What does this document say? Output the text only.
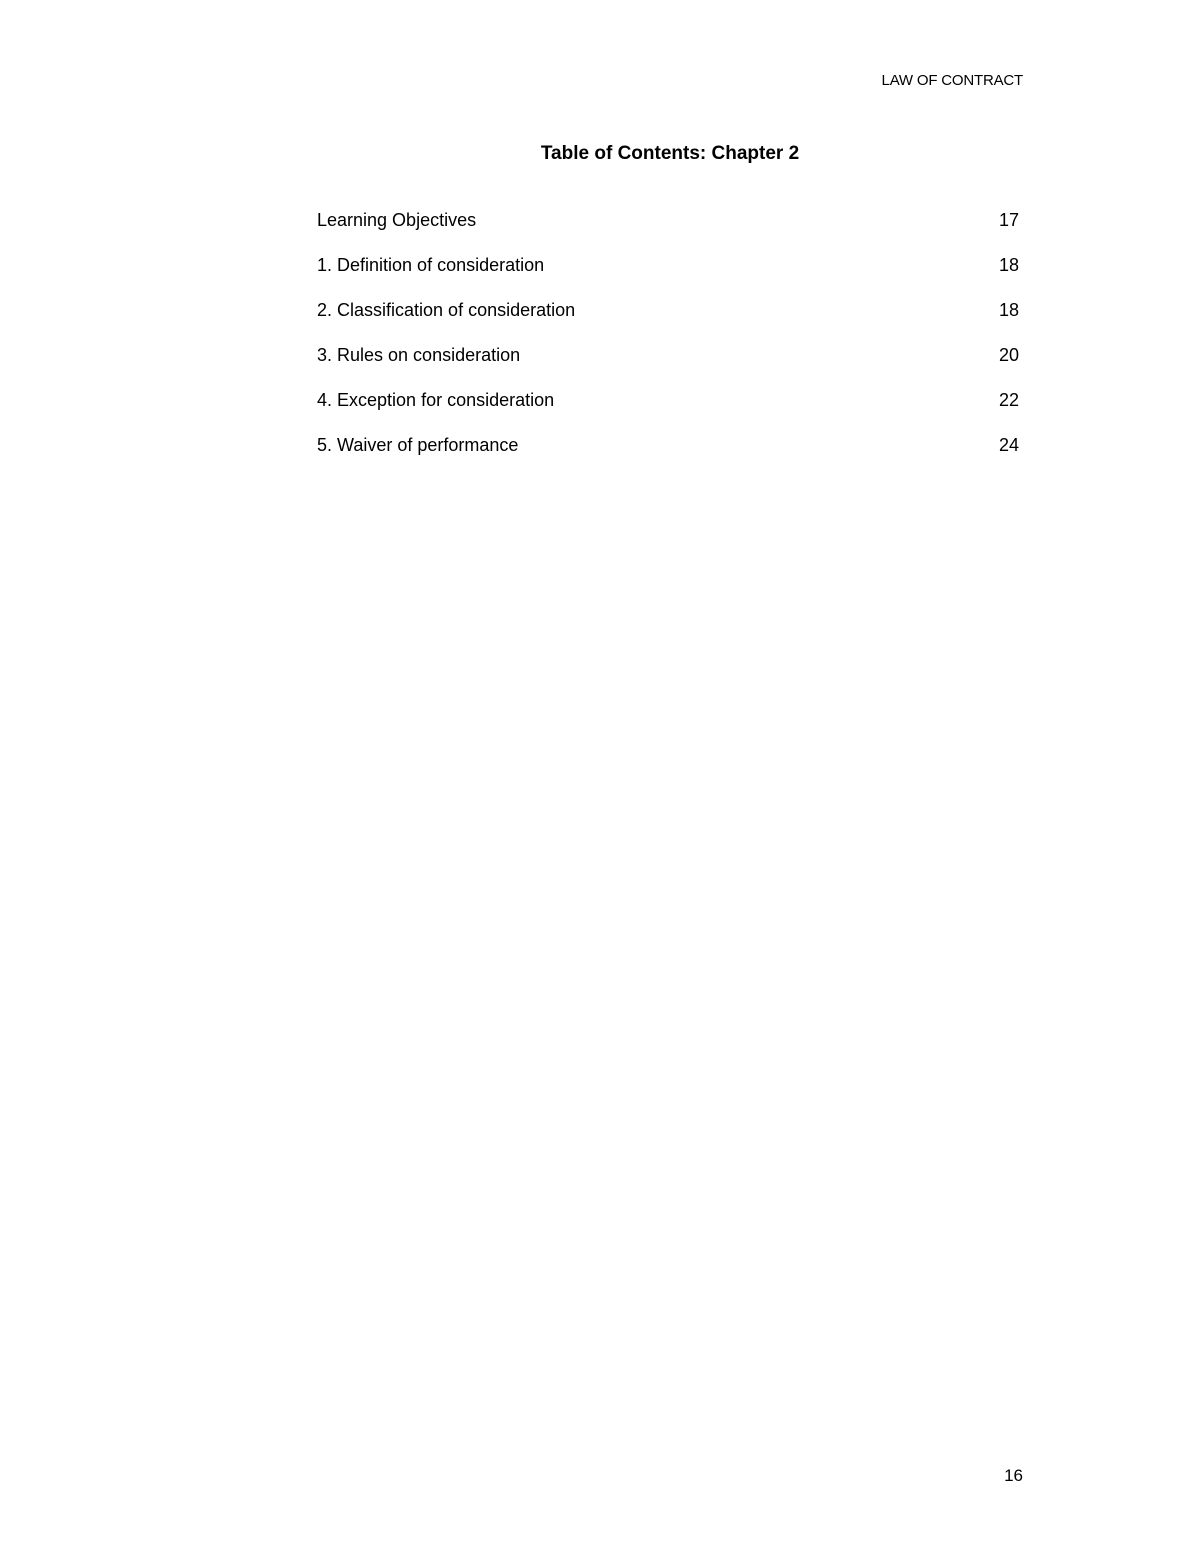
LAW OF CONTRACT
Table of Contents: Chapter 2
Learning Objectives	17
1. Definition of consideration	18
2. Classification of consideration	18
3. Rules on consideration	20
4. Exception for consideration	22
5. Waiver of performance	24
16
